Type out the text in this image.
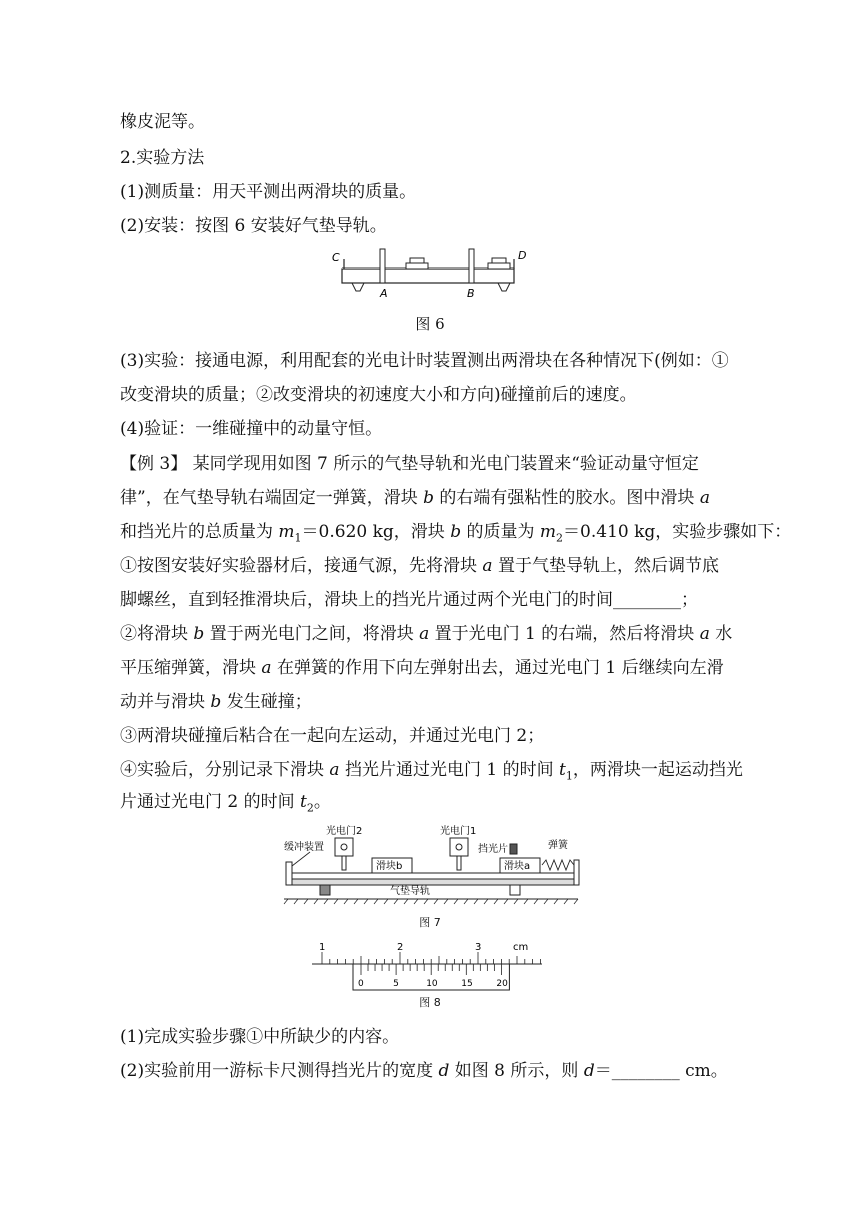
橡皮泥等。
2.实验方法
(1)测质量：用天平测出两滑块的质量。
(2)安装：按图 6 安装好气垫导轨。
C	D
A	B
图 6
(3)实验：接通电源，利用配套的光电计时装置测出两滑块在各种情况下(例如：①
改变滑块的质量；②改变滑块的初速度大小和方向)碰撞前后的速度。
(4)验证：一维碰撞中的动量守恒。
【例 3】 某同学现用如图 7 所示的气垫导轨和光电门装置来“验证动量守恒定
律”，在气垫导轨右端固定一弹簧，滑块 b 的右端有强粘性的胶水。图中滑块 a
和挡光片的总质量为 $m_1=0.620$ kg，滑块 b 的质量为 $m_2=0.410$ kg，实验步骤如下：
①按图安装好实验器材后，接通气源，先将滑块 a 置于气垫导轨上，然后调节底
脚螺丝，直到轻推滑块后，滑块上的挡光片通过两个光电门的时间________；
②将滑块 b 置于两光电门之间，将滑块 a 置于光电门 1 的右端，然后将滑块 a 水
平压缩弹簧，滑块 a 在弹簧的作用下向左弹射出去，通过光电门 1 后继续向左滑
动并与滑块 b 发生碰撞；
③两滑块碰撞后粘合在一起向左运动，并通过光电门 2；
④实验后，分别记录下滑块 a 挡光片通过光电门 1 的时间 $t_1$，两滑块一起运动挡光
片通过光电门 2 的时间 $t_2$。
光电门2	光电门1
缓冲装置	挡光片	弹簧
滑块b	滑块a
气垫导轨
图 7
1	2	3	cm
0	5	10	15	20
图 8
(1)完成实验步骤①中所缺少的内容。
(2)实验前用一游标卡尺测得挡光片的宽度 d 如图 8 所示，则 d＝________ cm。
